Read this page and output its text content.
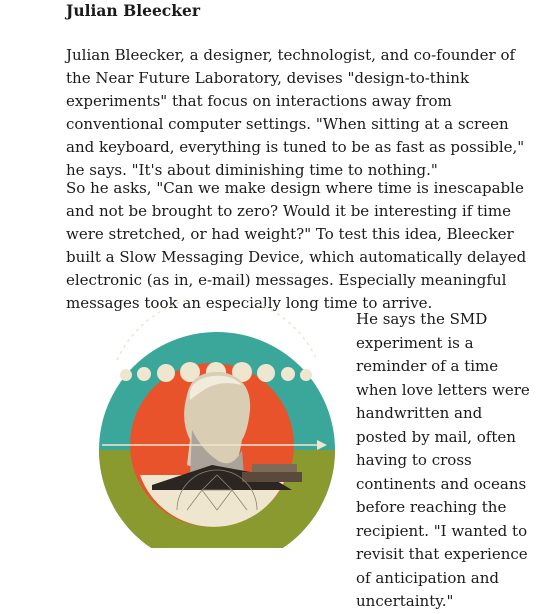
Julian Bleecker

Julian Bleecker, a designer, technologist, and co-founder of the Near Future Laboratory, devises "design-to-think experiments" that focus on interactions away from conventional computer settings. "When sitting at a screen and keyboard, everything is tuned to be as fast as possible," he says. "It's about diminishing time to nothing."

So he asks, "Can we make design where time is inescapable and not be brought to zero? Would it be interesting if time were stretched, or had weight?" To test this idea, Bleecker built a Slow Messaging Device, which automatically delayed electronic (as in, e-mail) messages. Especially meaningful messages took an especially long time to arrive.

He says the SMD experiment is a reminder of a time when love letters were handwritten and posted by mail, often having to cross continents and oceans before reaching the recipient. "I wanted to revisit that experience of anticipation and uncertainty."
